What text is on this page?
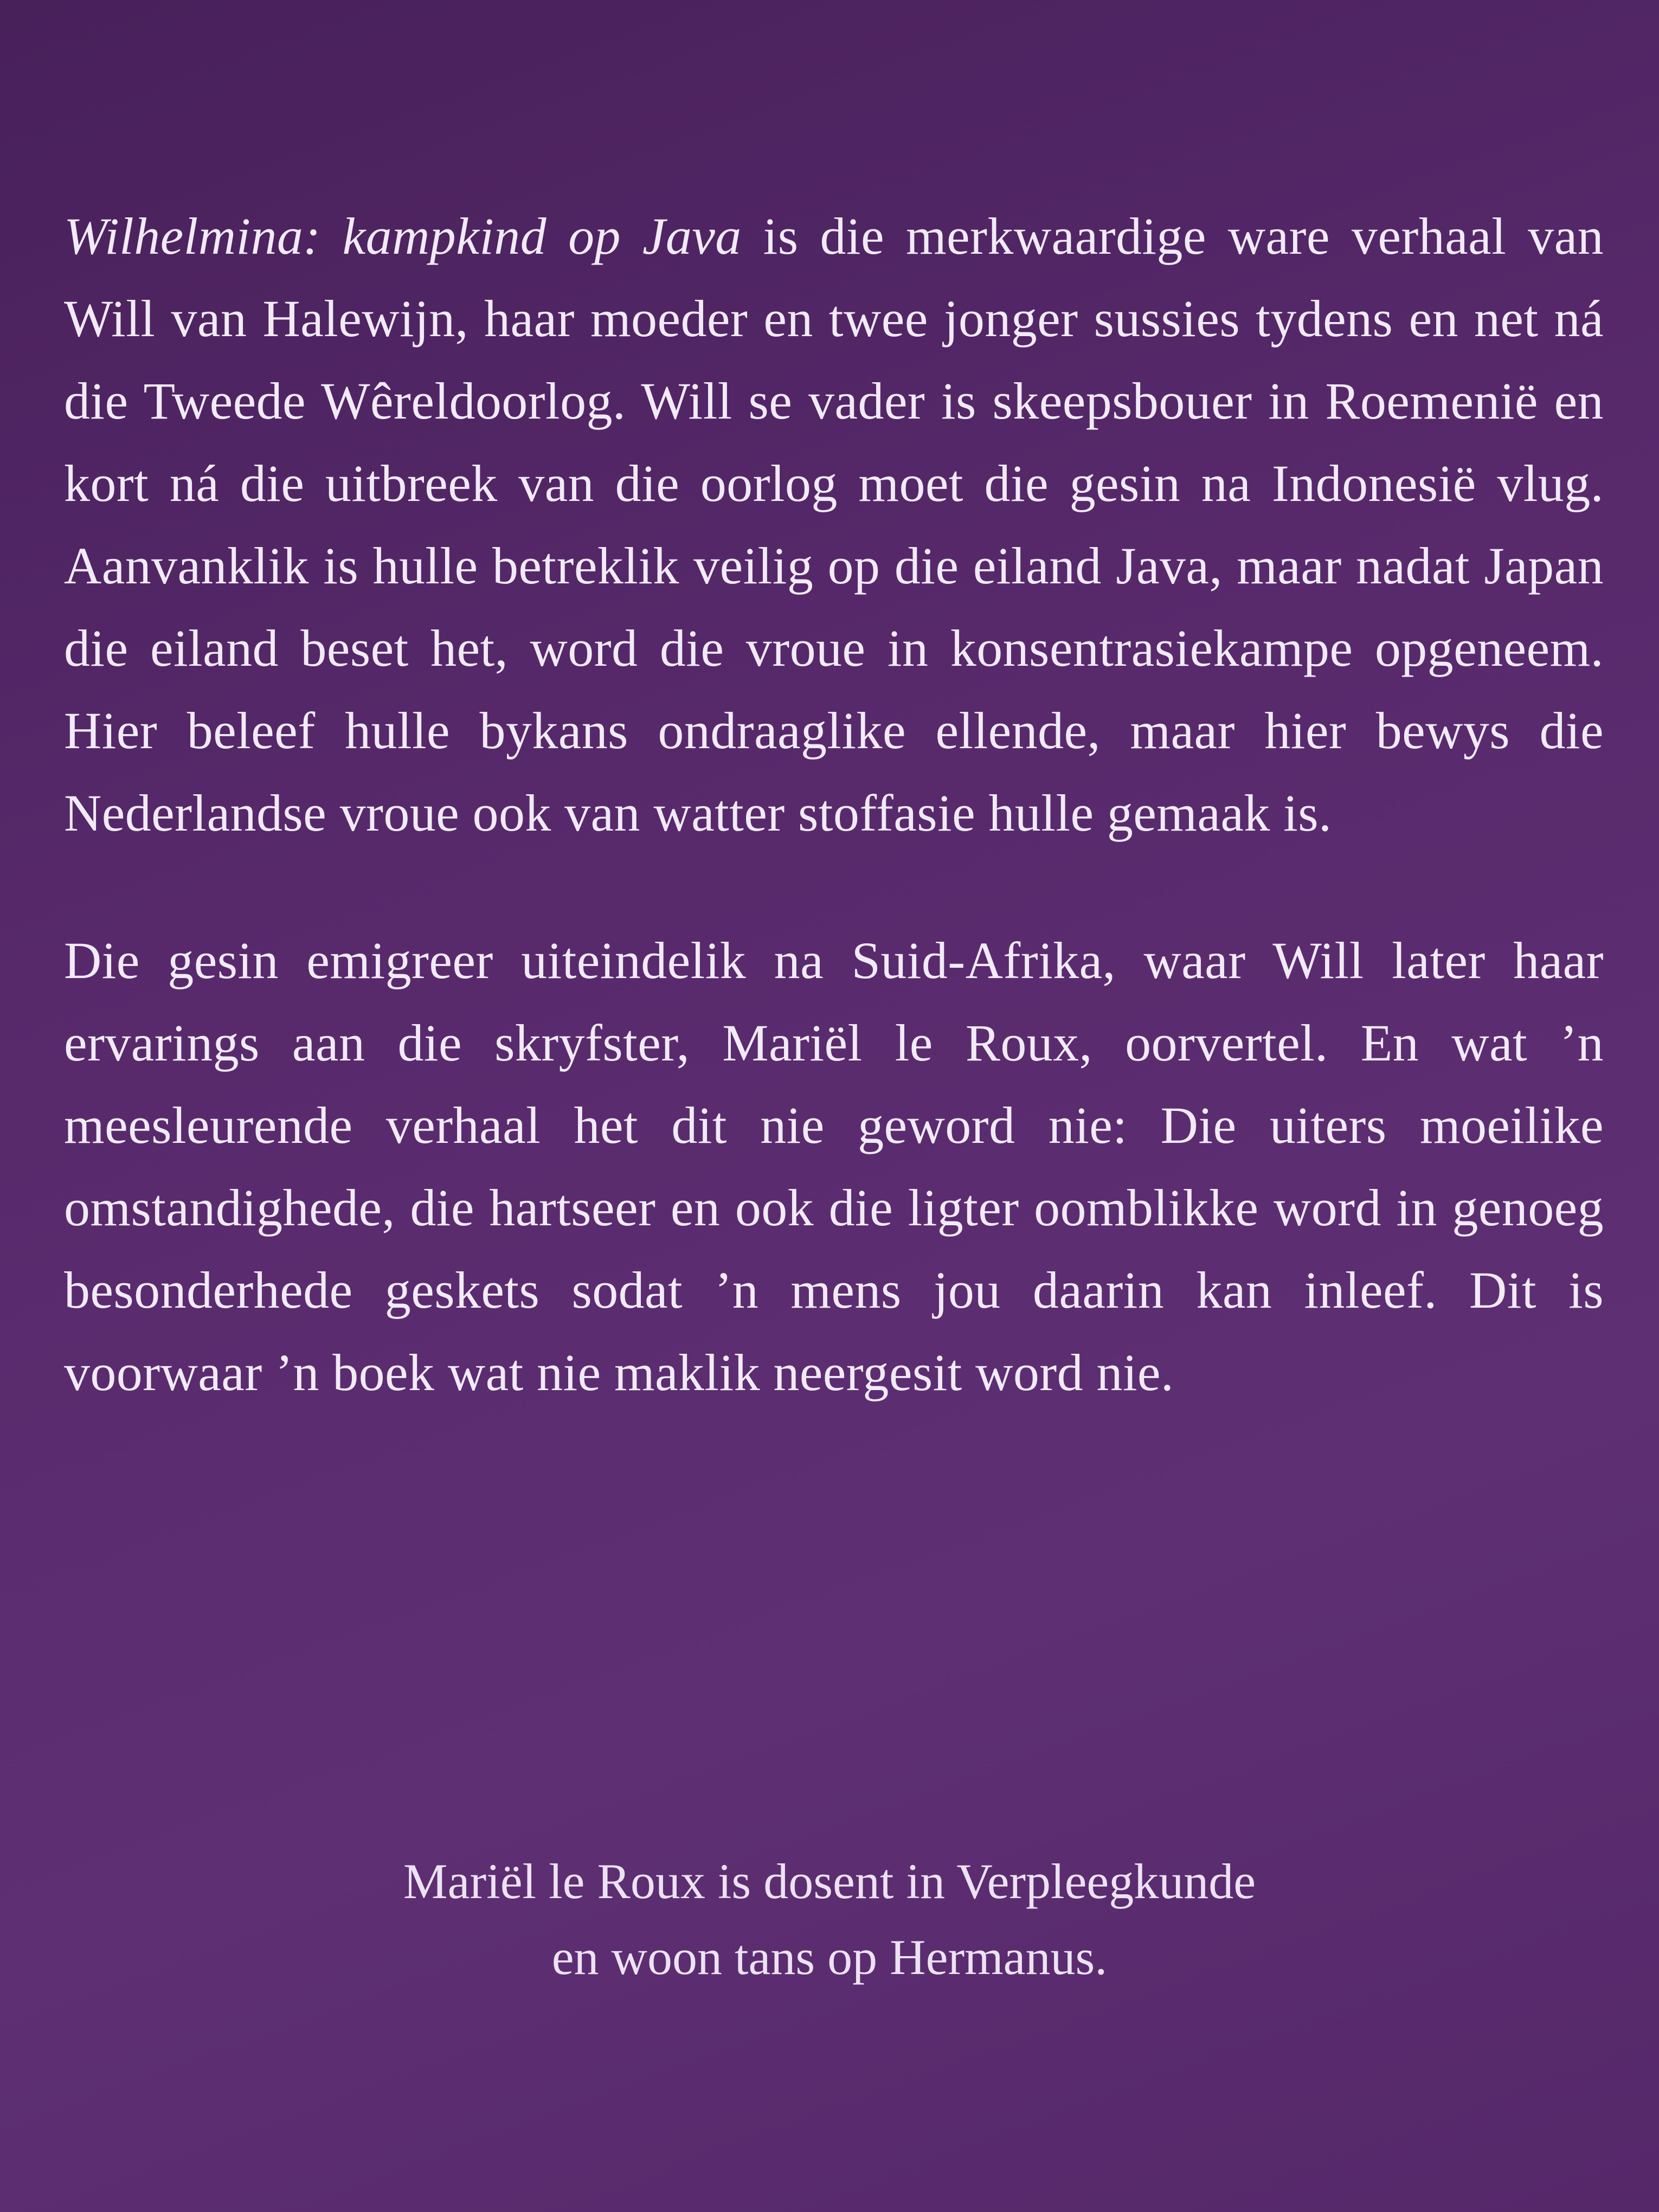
Wilhelmina: kampkind op Java is die merkwaardige ware verhaal van Will van Halewijn, haar moeder en twee jonger sussies tydens en net ná die Tweede Wêreldoorlog. Will se vader is skeepsbouer in Roemenië en kort ná die uitbreek van die oorlog moet die gesin na Indonesië vlug. Aanvanklik is hulle betreklik veilig op die eiland Java, maar nadat Japan die eiland beset het, word die vroue in konsentrasiekampe opgeneem. Hier beleef hulle bykans ondraaglike ellende, maar hier bewys die Nederlandse vroue ook van watter stoffasie hulle gemaak is.

Die gesin emigreer uiteindelik na Suid-Afrika, waar Will later haar ervarings aan die skryfster, Mariël le Roux, oorvertel. En wat ’n meesleurende verhaal het dit nie geword nie: Die uiters moeilike omstandighede, die hartseer en ook die ligter oomblikke word in genoeg besonderhede geskets sodat ’n mens jou daarin kan inleef. Dit is voorwaar ’n boek wat nie maklik neergesit word nie.

Mariël le Roux is dosent in Verpleegkunde
en woon tans op Hermanus.
